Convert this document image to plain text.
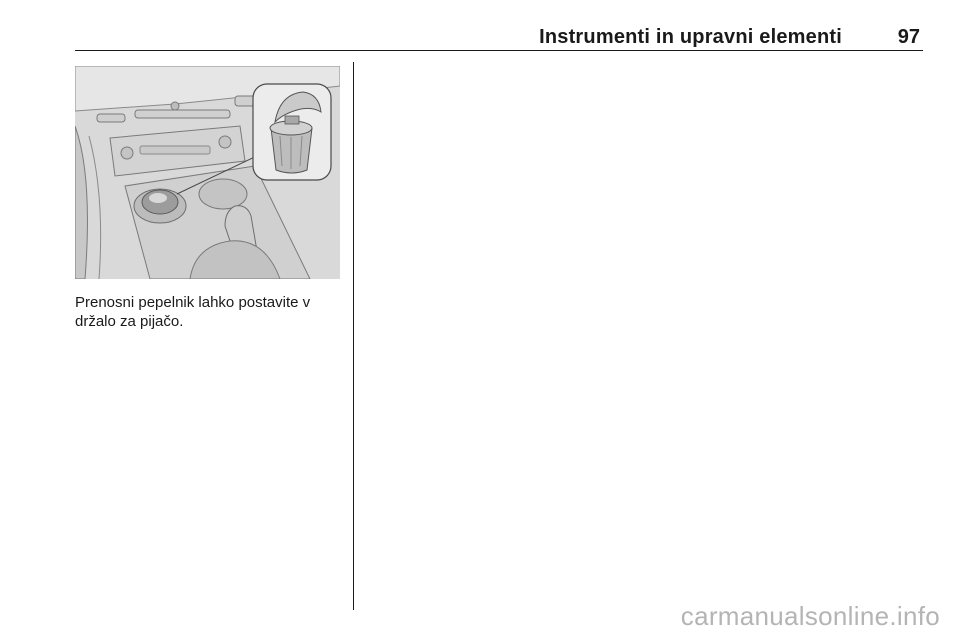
Instrumenti in upravni elementi	97
Prenosni pepelnik lahko postavite v
držalo za pijačo.
carmanualsonline.info
